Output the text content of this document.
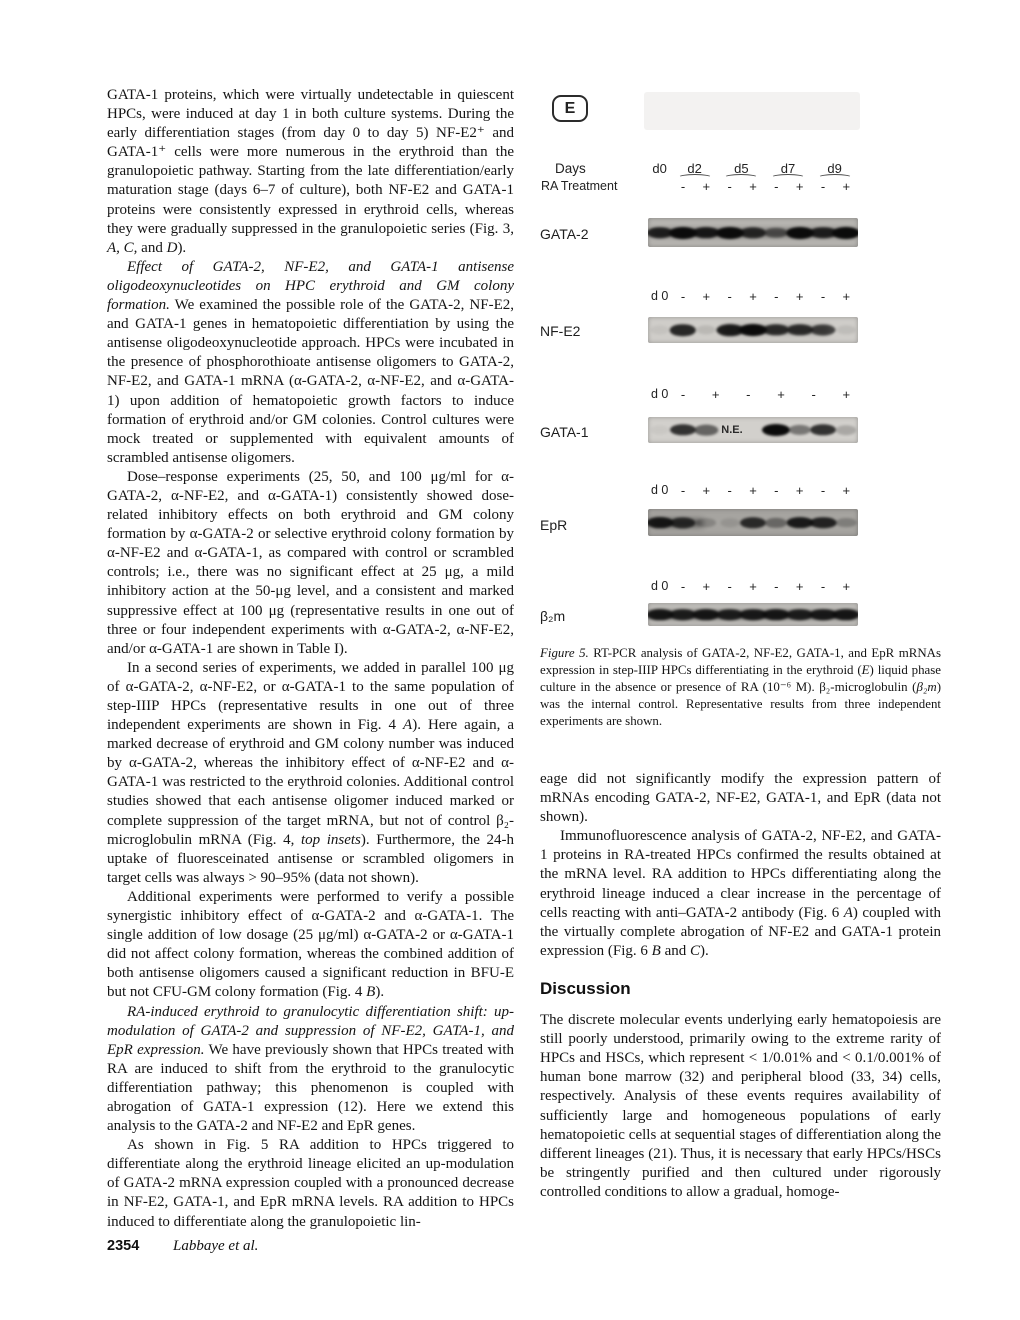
GATA-1 proteins, which were virtually undetectable in quiescent HPCs, were induced at day 1 in both culture systems. During the early differentiation stages (from day 0 to day 5) NF-E2⁺ and GATA-1⁺ cells were more numerous in the erythroid than the granulopoietic pathway. Starting from the late differentiation/early maturation stage (days 6–7 of culture), both NF-E2 and GATA-1 proteins were consistently expressed in erythroid cells, whereas they were gradually suppressed in the granulopoietic series (Fig. 3, A, C, and D).

Effect of GATA-2, NF-E2, and GATA-1 antisense oligodeoxynucleotides on HPC erythroid and GM colony formation. We examined the possible role of the GATA-2, NF-E2, and GATA-1 genes in hematopoietic differentiation by using the antisense oligodeoxynucleotide approach. HPCs were incubated in the presence of phosphorothioate antisense oligomers to GATA-2, NF-E2, and GATA-1 mRNA (α-GATA-2, α-NF-E2, and α-GATA-1) upon addition of hematopoietic growth factors to induce formation of erythroid and/or GM colonies. Control cultures were mock treated or supplemented with equivalent amounts of scrambled antisense oligomers.

Dose–response experiments (25, 50, and 100 μg/ml for α-GATA-2, α-NF-E2, and α-GATA-1) consistently showed dose-related inhibitory effects on both erythroid and GM colony formation by α-GATA-2 or selective erythroid colony formation by α-NF-E2 and α-GATA-1, as compared with control or scrambled controls; i.e., there was no significant effect at 25 μg, a mild inhibitory action at the 50-μg level, and a consistent and marked suppressive effect at 100 μg (representative results in one out of three or four independent experiments with α-GATA-2, α-NF-E2, and/or α-GATA-1 are shown in Table I).

In a second series of experiments, we added in parallel 100 μg of α-GATA-2, α-NF-E2, or α-GATA-1 to the same population of step-IIIP HPCs (representative results in one out of three independent experiments are shown in Fig. 4 A). Here again, a marked decrease of erythroid and GM colony number was induced by α-GATA-2, whereas the inhibitory effect of α-NF-E2 and α-GATA-1 was restricted to the erythroid colonies. Additional control studies showed that each antisense oligomer induced marked or complete suppression of the target mRNA, but not of control β₂-microglobulin mRNA (Fig. 4, top insets). Furthermore, the 24-h uptake of fluoresceinated antisense or scrambled oligomers in target cells was always > 90–95% (data not shown).

Additional experiments were performed to verify a possible synergistic inhibitory effect of α-GATA-2 and α-GATA-1. The single addition of low dosage (25 μg/ml) α-GATA-2 or α-GATA-1 did not affect colony formation, whereas the combined addition of both antisense oligomers caused a significant reduction in BFU-E but not CFU-GM colony formation (Fig. 4 B).

RA-induced erythroid to granulocytic differentiation shift: up-modulation of GATA-2 and suppression of NF-E2, GATA-1, and EpR expression. We have previously shown that HPCs treated with RA are induced to shift from the erythroid to the granulocytic differentiation pathway; this phenomenon is coupled with abrogation of GATA-1 expression (12). Here we extend this analysis to the GATA-2 and NF-E2 and EpR genes.

As shown in Fig. 5 RA addition to HPCs triggered to differentiate along the erythroid lineage elicited an up-modulation of GATA-2 mRNA expression coupled with a pronounced decrease in NF-E2, GATA-1, and EpR mRNA levels. RA addition to HPCs induced to differentiate along the granulopoietic lin-

E
Days	d0 d2 d5 d7 d9
RA Treatment	- + - + - + - +

Figure 5. RT-PCR analysis of GATA-2, NF-E2, GATA-1, and EpR mRNAs expression in step-IIIP HPCs differentiating in the erythroid (E) liquid phase culture in the absence or presence of RA (10⁻⁶ M). β₂-microglobulin (β₂m) was the internal control. Representative results from three independent experiments are shown.

GATA-2
d 0 - + - + - + - +
NF-E2
d 0 - + - + - +
GATA-1	N.E.
d 0 - + - + - + - +
EpR
d 0 - + - + - + - +
β₂m

eage did not significantly modify the expression pattern of mRNAs encoding GATA-2, NF-E2, GATA-1, and EpR (data not shown).

Immunofluorescence analysis of GATA-2, NF-E2, and GATA-1 proteins in RA-treated HPCs confirmed the results obtained at the mRNA level. RA addition to HPCs differentiating along the erythroid lineage induced a clear increase in the percentage of cells reacting with anti–GATA-2 antibody (Fig. 6 A) coupled with the virtually complete abrogation of NF-E2 and GATA-1 protein expression (Fig. 6 B and C).

Discussion

The discrete molecular events underlying early hematopoiesis are still poorly understood, primarily owing to the extreme rarity of HPCs and HSCs, which represent < 1/0.01% and < 0.1/0.001% of human bone marrow (32) and peripheral blood (33, 34) cells, respectively. Analysis of these events requires availability of sufficiently large and homogeneous populations of early hematopoietic cells at sequential stages of differentiation along the different lineages (21). Thus, it is necessary that early HPCs/HSCs be stringently purified and then cultured under rigorously controlled conditions to allow a gradual, homoge-

2354 Labbaye et al.
